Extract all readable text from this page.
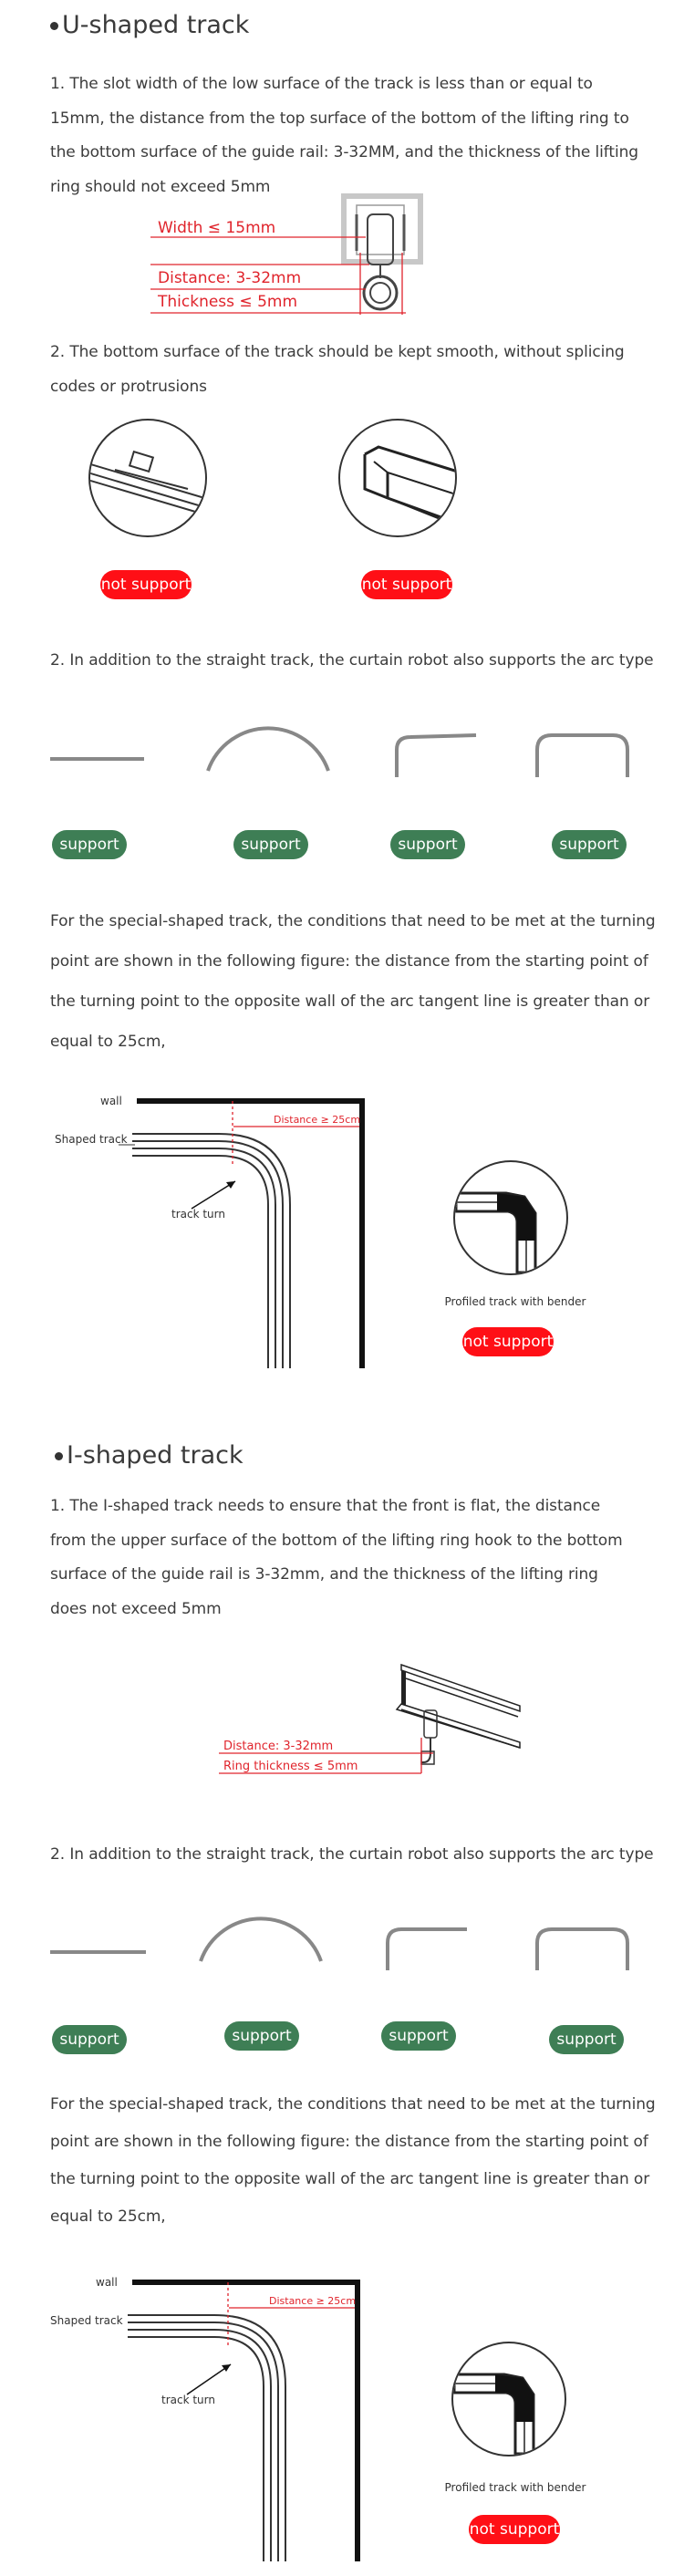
U-shaped track
1. The slot width of the low surface of the track is less than or equal to 15mm, the distance from the top surface of the bottom of the lifting ring to the bottom surface of the guide rail: 3-32MM, and the thickness of the lifting ring should not exceed 5mm
Width ≤ 15mm
Distance: 3-32mm
Thickness ≤ 5mm
2. The bottom surface of the track should be kept smooth, without splicing codes or protrusions
not support	not support
2. In addition to the straight track, the curtain robot also supports the arc type
support	support	support	support
For the special-shaped track, the conditions that need to be met at the turning point are shown in the following figure: the distance from the starting point of the turning point to the opposite wall of the arc tangent line is greater than or equal to 25cm,
wall
Shaped track
Distance ≥ 25cm
track turn
Profiled track with bender
not support
I-shaped track
1. The I-shaped track needs to ensure that the front is flat, the distance from the upper surface of the bottom of the lifting ring hook to the bottom surface of the guide rail is 3-32mm, and the thickness of the lifting ring does not exceed 5mm
Distance: 3-32mm
Ring thickness ≤ 5mm
2. In addition to the straight track, the curtain robot also supports the arc type
support	support	support	support
For the special-shaped track, the conditions that need to be met at the turning point are shown in the following figure: the distance from the starting point of the turning point to the opposite wall of the arc tangent line is greater than or equal to 25cm,
wall
Shaped track
Distance ≥ 25cm
track turn
Profiled track with bender
not support
